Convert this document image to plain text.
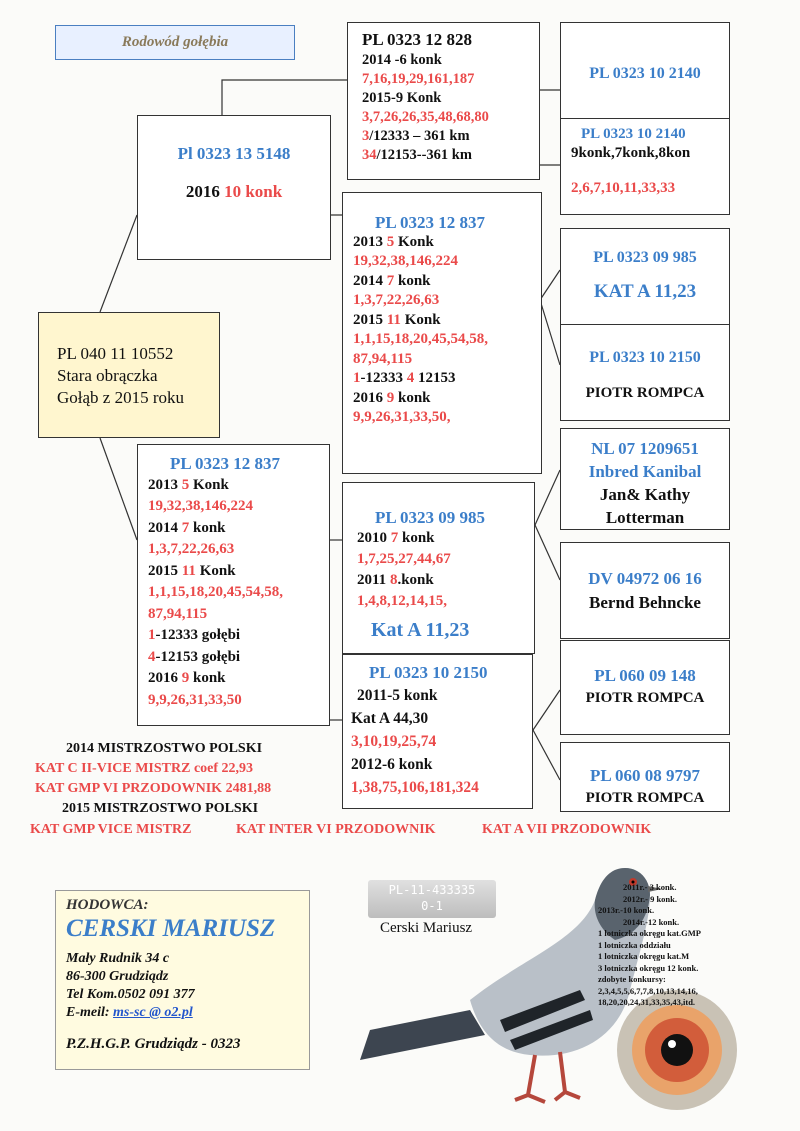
Rodowód gołębia
PL 040 11 10552
Stara obrączka
Gołąb z 2015 roku
Pl 0323 13 5148
2016 10 konk
PL 0323 12 828
2014 -6 konk
7,16,19,29,161,187
2015-9 Konk
3,7,26,26,35,48,68,80
3/12333 – 361 km
34/12153--361 km
PL 0323 10 2140
PL 0323 10 2140
9konk,7konk,8kon
2,6,7,10,11,33,33
PL 0323 12 837
2013 5 Konk
19,32,38,146,224
2014 7 konk
1,3,7,22,26,63
2015 11 Konk
1,1,15,18,20,45,54,58,
87,94,115
1-12333 4 12153
2016 9 konk
9,9,26,31,33,50,
PL 0323 09 985
KAT A 11,23
PL 0323 10 2150
PIOTR ROMPCA
PL 0323 12 837
2013 5 Konk
19,32,38,146,224
2014 7 konk
1,3,7,22,26,63
2015 11 Konk
1,1,15,18,20,45,54,58,
87,94,115
1-12333 gołębi
4-12153 gołębi
2016 9 konk
9,9,26,31,33,50
PL 0323 09 985
2010 7 konk
1,7,25,27,44,67
2011 8.konk
1,4,8,12,14,15,
Kat A 11,23
NL 07 1209651
Inbred Kanibal
Jan& Kathy
Lotterman
DV 04972 06 16
Bernd Behncke
PL 0323 10 2150
2011-5 konk
Kat A 44,30
3,10,19,25,74
2012-6 konk
1,38,75,106,181,324
PL 060 09 148
PIOTR ROMPCA
PL 060 08 9797
PIOTR ROMPCA
2014 MISTRZOSTWO POLSKI
KAT C II-VICE MISTRZ coef 22,93
KAT GMP VI PRZODOWNIK 2481,88
2015 MISTRZOSTWO POLSKI
KAT GMP VICE MISTRZ	KAT INTER VI PRZODOWNIK	KAT A VII PRZODOWNIK
HODOWCA:
CERSKI MARIUSZ
Mały Rudnik 34 c
86-300 Grudziądz
Tel Kom.0502 091 377
E-meil: ms-sc @ o2.pl
P.Z.H.G.P. Grudziądz - 0323
PL-11-433335
0-1
Cerski Mariusz
2011r.- 3 konk.
2012r.- 9 konk.
2013r.-10 konk.
2014r.-12 konk.
1 lotniczka okręgu kat.GMP
1 lotniczka oddziału
1 lotniczka okręgu kat.M
3 lotniczka okręgu 12 konk.
zdobyte konkursy:
2,3,4,5,5,6,7,7,8,10,13,14,16,
18,20,20,24,31,33,35,43,itd.
